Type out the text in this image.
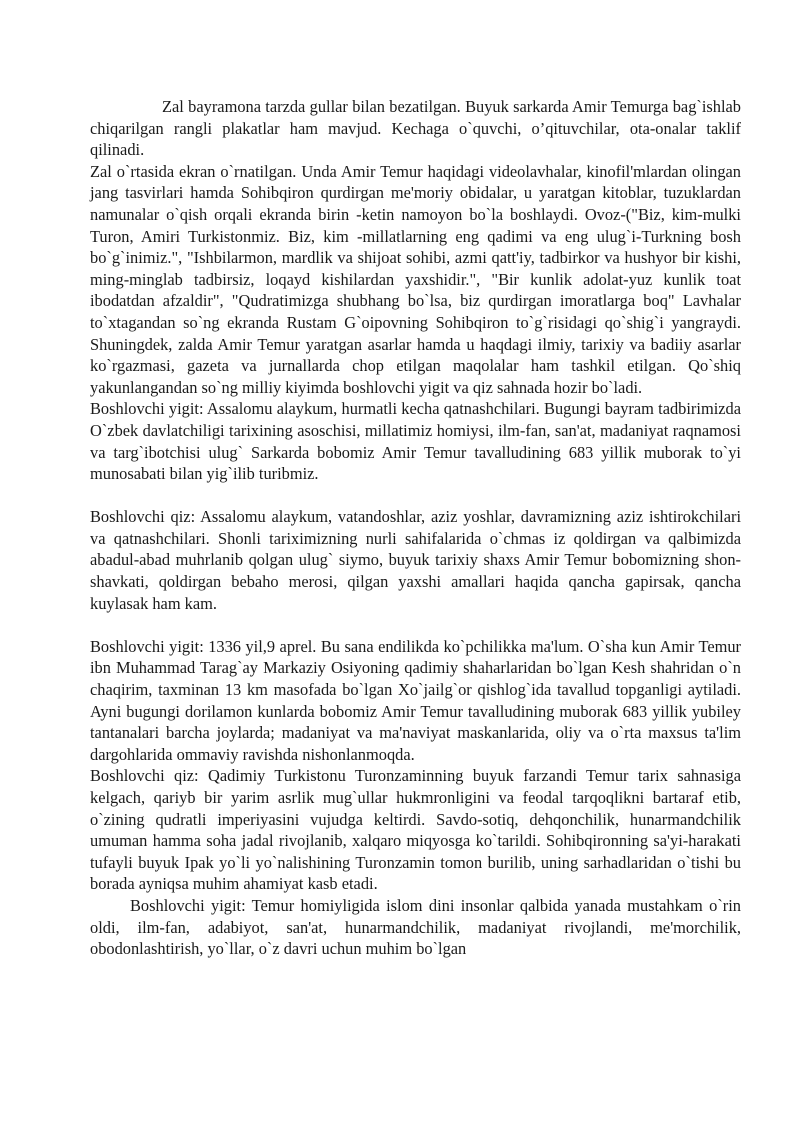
Zal bayramona tarzda gullar bilan bezatilgan. Buyuk sarkarda Amir Temurga bag`ishlab chiqarilgan rangli plakatlar ham mavjud. Kechaga o`quvchi, o’qituvchilar, ota-onalar taklif qilinadi.

Zal o`rtasida ekran o`rnatilgan. Unda Amir Temur haqidagi videolavhalar, kinofil'mlardan olingan jang tasvirlari hamda Sohibqiron qurdirgan me'moriy obidalar, u yaratgan kitoblar, tuzuklardan namunalar o`qish orqali ekranda birin -ketin namoyon bo`la boshlaydi. Ovoz-("Biz, kim-mulki Turon, Amiri Turkistonmiz. Biz, kim -millatlarning eng qadimi va eng ulug`i-Turkning bosh bo`g`inimiz.", "Ishbilarmon, mardlik va shijoat sohibi, azmi qatt'iy, tadbirkor va hushyor bir kishi, ming-minglab tadbirsiz, loqayd kishilardan yaxshidir.", "Bir kunlik adolat-yuz kunlik toat ibodatdan afzaldir", "Qudratimizga shubhang bo`lsa, biz qurdirgan imoratlarga boq" Lavhalar to`xtagandan so`ng ekranda Rustam G`oipovning Sohibqiron to`g`risidagi qo`shig`i yangraydi. Shuningdek, zalda Amir Temur yaratgan asarlar hamda u haqdagi ilmiy, tarixiy va badiiy asarlar ko`rgazmasi, gazeta va jurnallarda chop etilgan maqolalar ham tashkil etilgan. Qo`shiq yakunlangandan so`ng milliy kiyimda boshlovchi yigit va qiz sahnada hozir bo`ladi.

Boshlovchi yigit: Assalomu alaykum, hurmatli kecha qatnashchilari. Bugungi bayram tadbirimizda O`zbek davlatchiligi tarixining asoschisi, millatimiz homiysi, ilm-fan, san'at, madaniyat raqnamosi va targ`ibotchisi ulug` Sarkarda bobomiz Amir Temur tavalludining 683 yillik muborak to`yi munosabati bilan yig`ilib turibmiz.

Boshlovchi qiz: Assalomu alaykum, vatandoshlar, aziz yoshlar, davramizning aziz ishtirokchilari va qatnashchilari. Shonli tariximizning nurli sahifalarida o`chmas iz qoldirgan va qalbimizda abadul-abad muhrlanib qolgan ulug` siymo, buyuk tarixiy shaxs Amir Temur bobomizning shon-shavkati, qoldirgan bebaho merosi, qilgan yaxshi amallari haqida qancha gapirsak, qancha kuylasak ham kam.

Boshlovchi yigit: 1336 yil,9 aprel. Bu sana endilikda ko`pchilikka ma'lum. O`sha kun Amir Temur ibn Muhammad Tarag`ay Markaziy Osiyoning qadimiy shaharlaridan bo`lgan Kesh shahridan o`n chaqirim, taxminan 13 km masofada bo`lgan Xo`jailg`or qishlog`ida tavallud topganligi aytiladi. Ayni bugungi dorilamon kunlarda bobomiz Amir Temur tavalludining muborak 683 yillik yubiley tantanalari barcha joylarda; madaniyat va ma'naviyat maskanlarida, oliy va o`rta maxsus ta'lim dargohlarida ommaviy ravishda nishonlanmoqda.

Boshlovchi qiz: Qadimiy Turkistonu Turonzaminning buyuk farzandi Temur tarix sahnasiga kelgach, qariyb bir yarim asrlik mug`ullar hukmronligini va feodal tarqoqlikni bartaraf etib, o`zining qudratli imperiyasini vujudga keltirdi. Savdo-sotiq, dehqonchilik, hunarmandchilik umuman hamma soha jadal rivojlanib, xalqaro miqyosga ko`tarildi. Sohibqironning sa'yi-harakati tufayli buyuk Ipak yo`li yo`nalishining Turonzamin tomon burilib, uning sarhadlaridan o`tishi bu borada ayniqsa muhim ahamiyat kasb etadi.

Boshlovchi yigit: Temur homiyligida islom dini insonlar qalbida yanada mustahkam o`rin oldi, ilm-fan, adabiyot, san'at, hunarmandchilik, madaniyat rivojlandi, me'morchilik, obodonlashtirish, yo`llar, o`z davri uchun muhim bo`lgan
